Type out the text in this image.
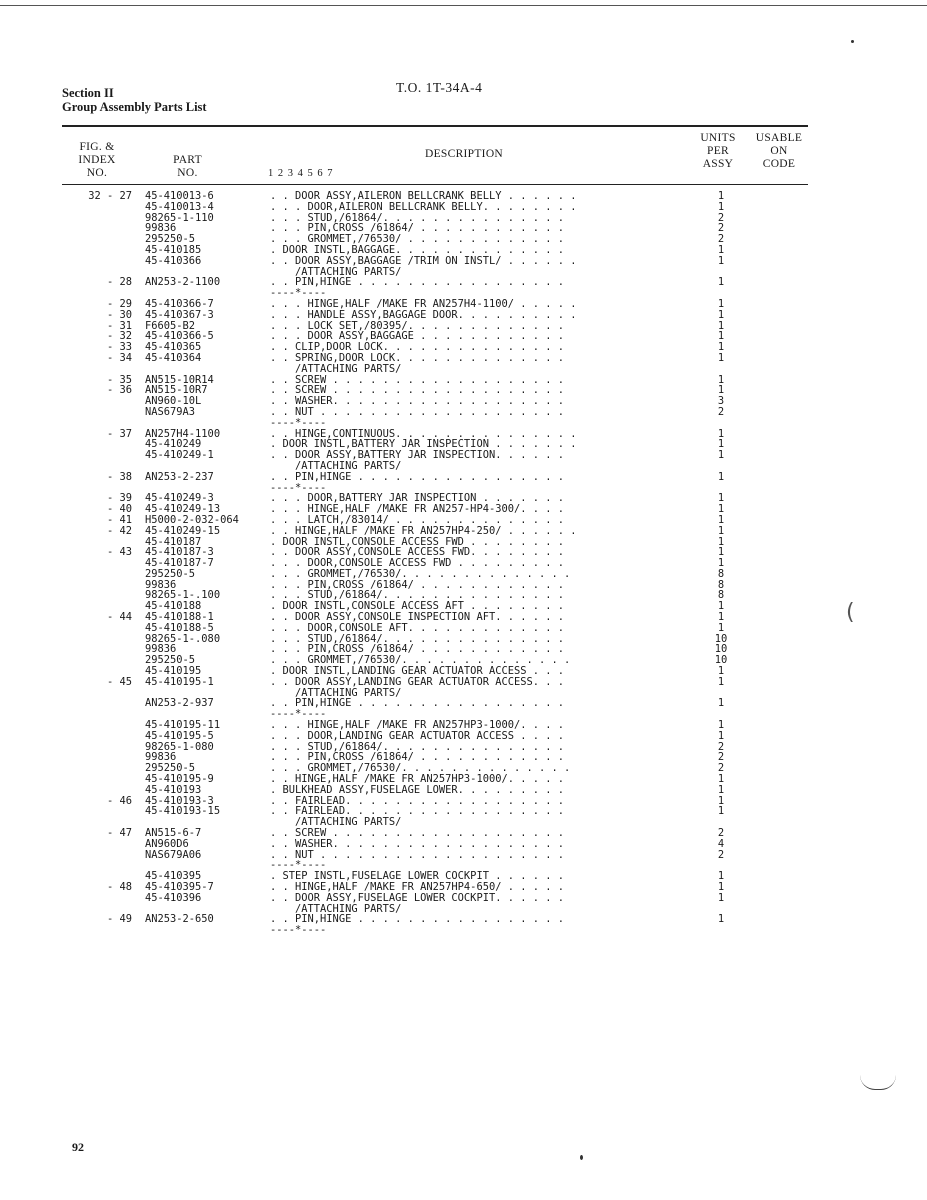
Section II
Group Assembly Parts List
T.O. 1T-34A-4
FIG. &
INDEX
NO.
PART
NO.
DESCRIPTION
1 2 3 4 5 6 7
UNITS
PER
ASSY
USABLE
ON
CODE
32 - 27 45-410013-6	. . DOOR ASSY,AILERON BELLCRANK BELLY . . . . . .	1
45-410013-4	. . . DOOR,AILERON BELLCRANK BELLY. . . . . . . .	1
98265-1-110	. . . STUD,/61864/. . . . . . . . . . . . . . .	2
99836	. . . PIN,CROSS /61864/ . . . . . . . . . . . .	2
295250-5	. . . GROMMET,/76530/ . . . . . . . . . . . . .	2
45-410185	. DOOR INSTL,BAGGAGE. . . . . . . . . . . . . .	1
45-410366	. . DOOR ASSY,BAGGAGE /TRIM ON INSTL/ . . . . . .	1
/ATTACHING PARTS/
- 28 AN253-2-1100	. . PIN,HINGE . . . . . . . . . . . . . . . . .	1
----*----
- 29 45-410366-7	. . . HINGE,HALF /MAKE FR AN257H4-1100/ . . . . .	1
- 30 45-410367-3	. . . HANDLE ASSY,BAGGAGE DOOR. . . . . . . . . .	1
- 31 F6605-B2	. . . LOCK SET,/80395/. . . . . . . . . . . . .	1
- 32 45-410366-5	. . . DOOR ASSY,BAGGAGE . . . . . . . . . . . .	1
- 33 45-410365	. . CLIP,DOOR LOCK. . . . . . . . . . . . . . .	1
- 34 45-410364	. . SPRING,DOOR LOCK. . . . . . . . . . . . . .	1
/ATTACHING PARTS/
- 35 AN515-10R14	. . SCREW . . . . . . . . . . . . . . . . . . .	1
- 36 AN515-10R7	. . SCREW . . . . . . . . . . . . . . . . . . .	1
AN960-10L	. . WASHER. . . . . . . . . . . . . . . . . . .	3
NAS679A3	. . NUT . . . . . . . . . . . . . . . . . . . .	2
----*----
- 37 AN257H4-1100	. . HINGE,CONTINUOUS. . . . . . . . . . . . . . .	1
45-410249	. DOOR INSTL,BATTERY JAR INSPECTION . . . . . . .	1
45-410249-1	. . DOOR ASSY,BATTERY JAR INSPECTION. . . . . .	1
/ATTACHING PARTS/
- 38 AN253-2-237	. . PIN,HINGE . . . . . . . . . . . . . . . . .	1
----*----
- 39 45-410249-3	. . . DOOR,BATTERY JAR INSPECTION . . . . . . .	1
- 40 45-410249-13	. . . HINGE,HALF /MAKE FR AN257-HP4-300/. . . .	1
- 41 H5000-2-032-064	. . . LATCH,/83014/ . . . . . . . . . . . . . .	1
- 42 45-410249-15	. . HINGE,HALF /MAKE FR AN257HP4-250/ . . . . . .	1
45-410187	. DOOR INSTL,CONSOLE ACCESS FWD . . . . . . . .	1
- 43 45-410187-3	. . DOOR ASSY,CONSOLE ACCESS FWD. . . . . . . .	1
45-410187-7	. . . DOOR,CONSOLE ACCESS FWD . . . . . . . . .	1
295250-5	. . . GROMMET,/76530/. . . . . . . . . . . . . .	8
99836	. . . PIN,CROSS /61864/ . . . . . . . . . . . .	8
98265-1-.100	. . . STUD,/61864/. . . . . . . . . . . . . . .	8
45-410188	. DOOR INSTL,CONSOLE ACCESS AFT . . . . . . . .	1
- 44 45-410188-1	. . DOOR ASSY,CONSOLE INSPECTION AFT. . . . . .	1
45-410188-5	. . . DOOR,CONSOLE AFT. . . . . . . . . . . . .	1
98265-1-.080	. . . STUD,/61864/. . . . . . . . . . . . . . .	10
99836	. . . PIN,CROSS /61864/ . . . . . . . . . . . .	10
295250-5	. . . GROMMET,/76530/. . . . . . . . . . . . . .	10
45-410195	. DOOR INSTL,LANDING GEAR ACTUATOR ACCESS . . .	1
- 45 45-410195-1	. . DOOR ASSY,LANDING GEAR ACTUATOR ACCESS. . .	1
/ATTACHING PARTS/
AN253-2-937	. . PIN,HINGE . . . . . . . . . . . . . . . . .	1
----*----
45-410195-11	. . . HINGE,HALF /MAKE FR AN257HP3-1000/. . . .	1
45-410195-5	. . . DOOR,LANDING GEAR ACTUATOR ACCESS . . . .	1
98265-1-080	. . . STUD,/61864/. . . . . . . . . . . . . . .	2
99836	. . . PIN,CROSS /61864/ . . . . . . . . . . . .	2
295250-5	. . . GROMMET,/76530/. . . . . . . . . . . . . .	2
45-410195-9	. . HINGE,HALF /MAKE FR AN257HP3-1000/. . . . .	1
45-410193	. BULKHEAD ASSY,FUSELAGE LOWER. . . . . . . . .	1
- 46 45-410193-3	. . FAIRLEAD. . . . . . . . . . . . . . . . . .	1
45-410193-15	. . FAIRLEAD. . . . . . . . . . . . . . . . . .	1
/ATTACHING PARTS/
- 47 AN515-6-7	. . SCREW . . . . . . . . . . . . . . . . . . .	2
AN960D6	. . WASHER. . . . . . . . . . . . . . . . . . .	4
NAS679A06	. . NUT . . . . . . . . . . . . . . . . . . . .	2
----*----
45-410395	. STEP INSTL,FUSELAGE LOWER COCKPIT . . . . . .	1
- 48 45-410395-7	. . HINGE,HALF /MAKE FR AN257HP4-650/ . . . . .	1
45-410396	. . DOOR ASSY,FUSELAGE LOWER COCKPIT. . . . . .	1
/ATTACHING PARTS/
- 49 AN253-2-650	. . PIN,HINGE . . . . . . . . . . . . . . . . .	1
----*----
92
(
